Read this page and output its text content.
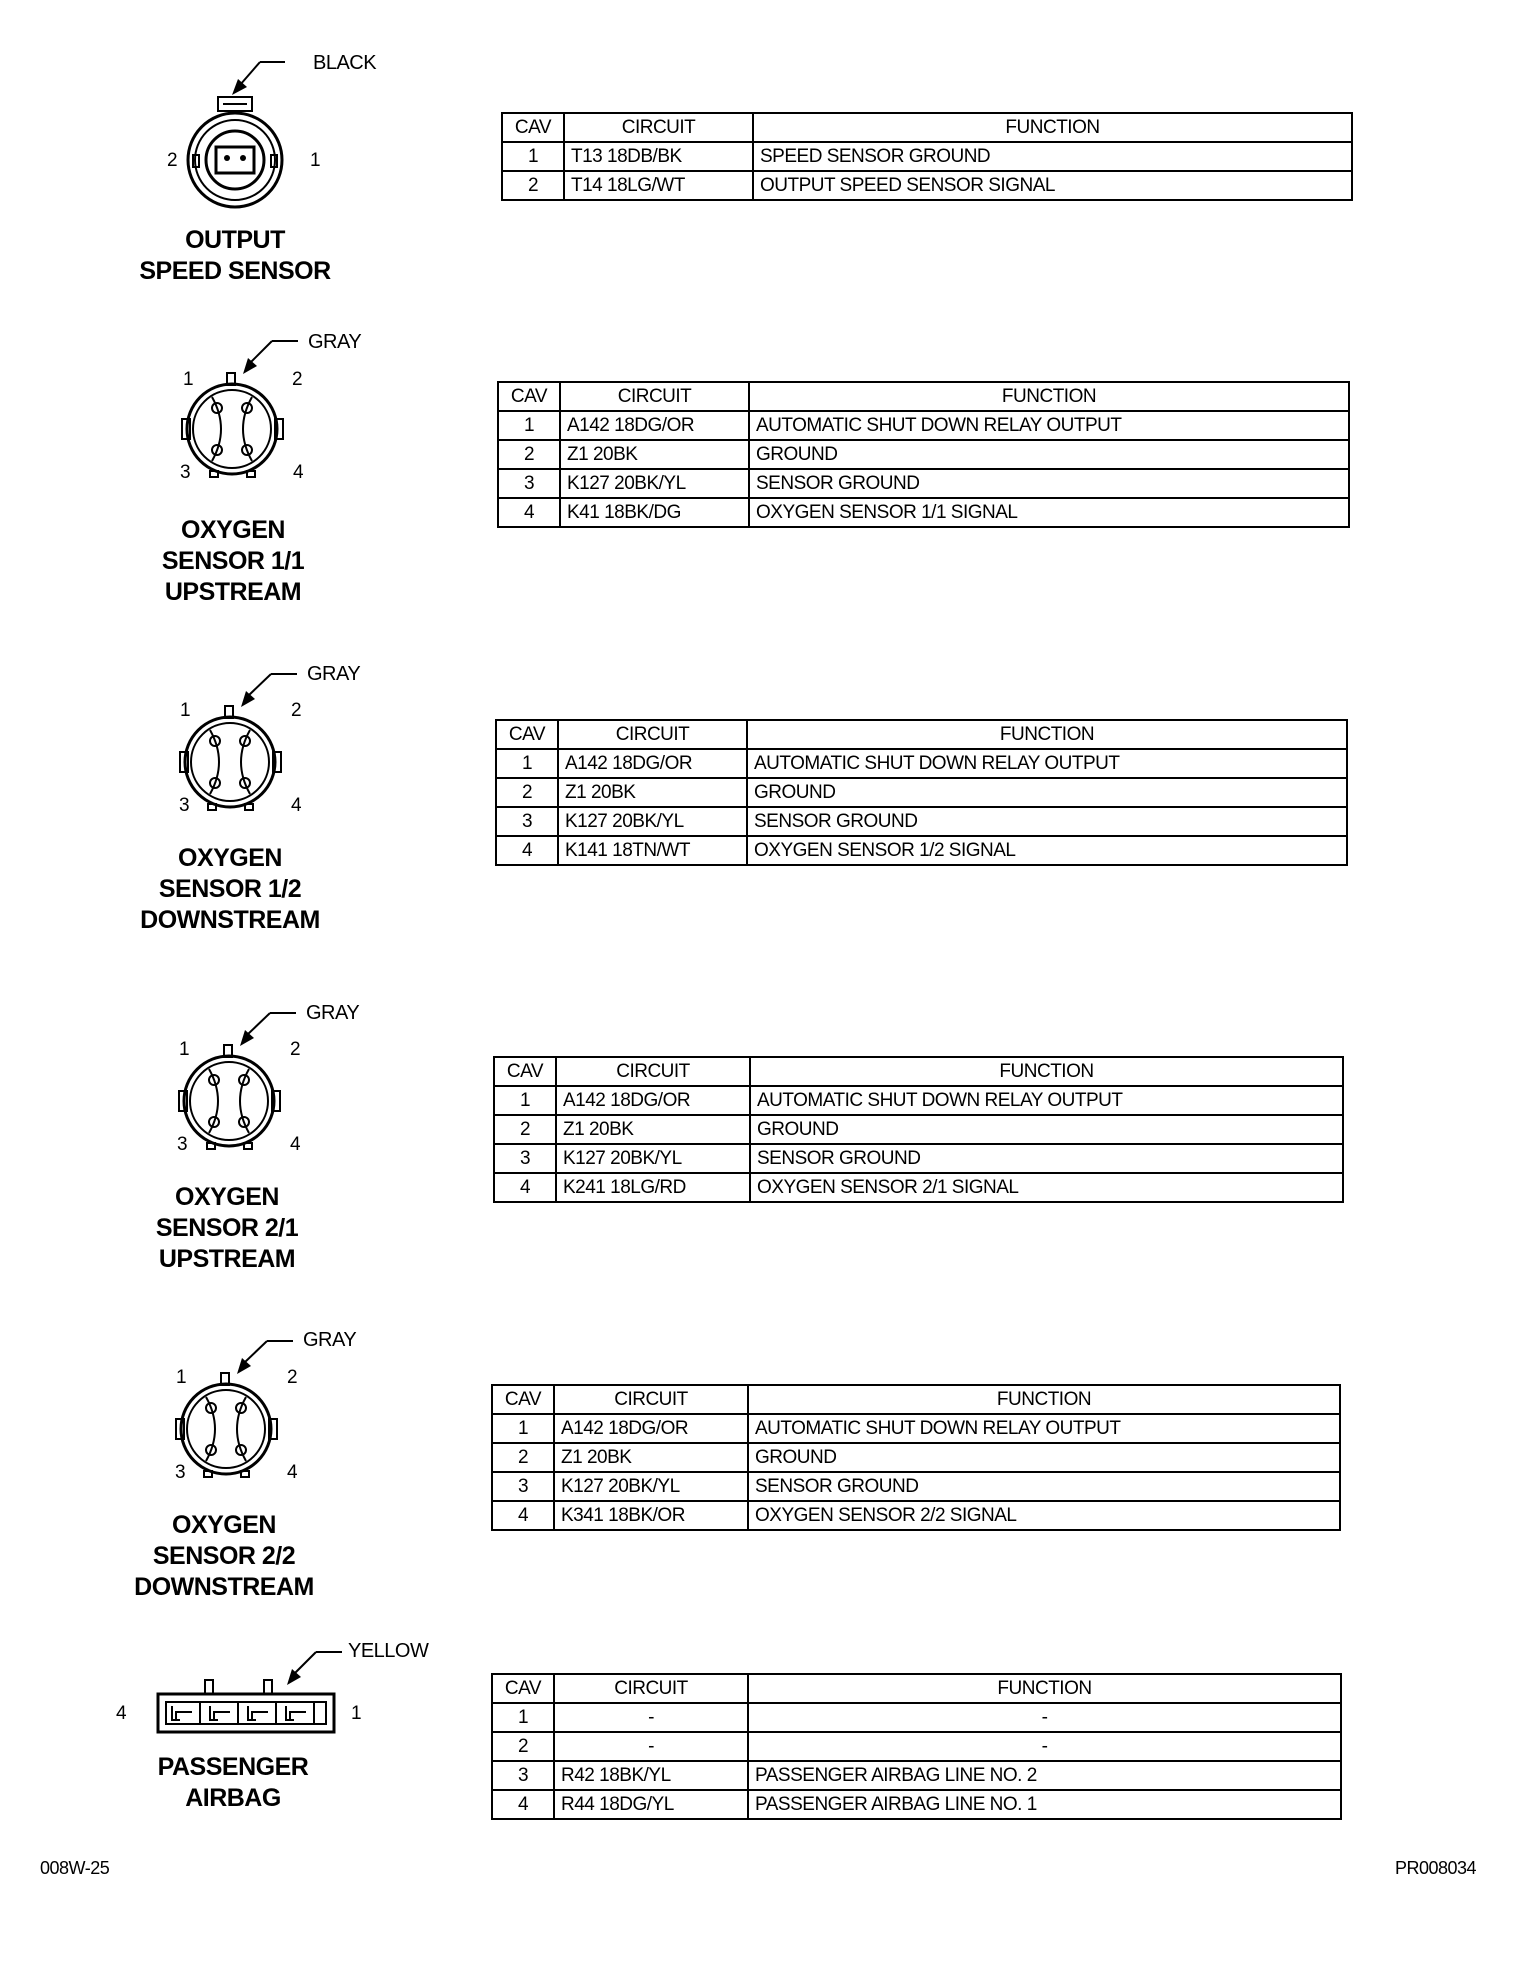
BLACK
2	1
OUTPUT
SPEED SENSOR
CAV	CIRCUIT	FUNCTION
1	T13 18DB/BK	SPEED SENSOR GROUND
2	T14 18LG/WT	OUTPUT SPEED SENSOR SIGNAL
GRAY
1	2
3	4
OXYGEN
SENSOR 1/1
UPSTREAM
CAV	CIRCUIT	FUNCTION
1	A142 18DG/OR	AUTOMATIC SHUT DOWN RELAY OUTPUT
2	Z1 20BK	GROUND
3	K127 20BK/YL	SENSOR GROUND
4	K41 18BK/DG	OXYGEN SENSOR 1/1 SIGNAL
GRAY
1	2
3	4
OXYGEN
SENSOR 1/2
DOWNSTREAM
CAV	CIRCUIT	FUNCTION
1	A142 18DG/OR	AUTOMATIC SHUT DOWN RELAY OUTPUT
2	Z1 20BK	GROUND
3	K127 20BK/YL	SENSOR GROUND
4	K141 18TN/WT	OXYGEN SENSOR 1/2 SIGNAL
GRAY
1	2
3	4
OXYGEN
SENSOR 2/1
UPSTREAM
CAV	CIRCUIT	FUNCTION
1	A142 18DG/OR	AUTOMATIC SHUT DOWN RELAY OUTPUT
2	Z1 20BK	GROUND
3	K127 20BK/YL	SENSOR GROUND
4	K241 18LG/RD	OXYGEN SENSOR 2/1 SIGNAL
GRAY
1	2
3	4
OXYGEN
SENSOR 2/2
DOWNSTREAM
CAV	CIRCUIT	FUNCTION
1	A142 18DG/OR	AUTOMATIC SHUT DOWN RELAY OUTPUT
2	Z1 20BK	GROUND
3	K127 20BK/YL	SENSOR GROUND
4	K341 18BK/OR	OXYGEN SENSOR 2/2 SIGNAL
YELLOW
4	1
PASSENGER
AIRBAG
CAV	CIRCUIT	FUNCTION
1	-	-
2	-	-
3	R42 18BK/YL	PASSENGER AIRBAG LINE NO. 2
4	R44 18DG/YL	PASSENGER AIRBAG LINE NO. 1
008W-25	PR008034
